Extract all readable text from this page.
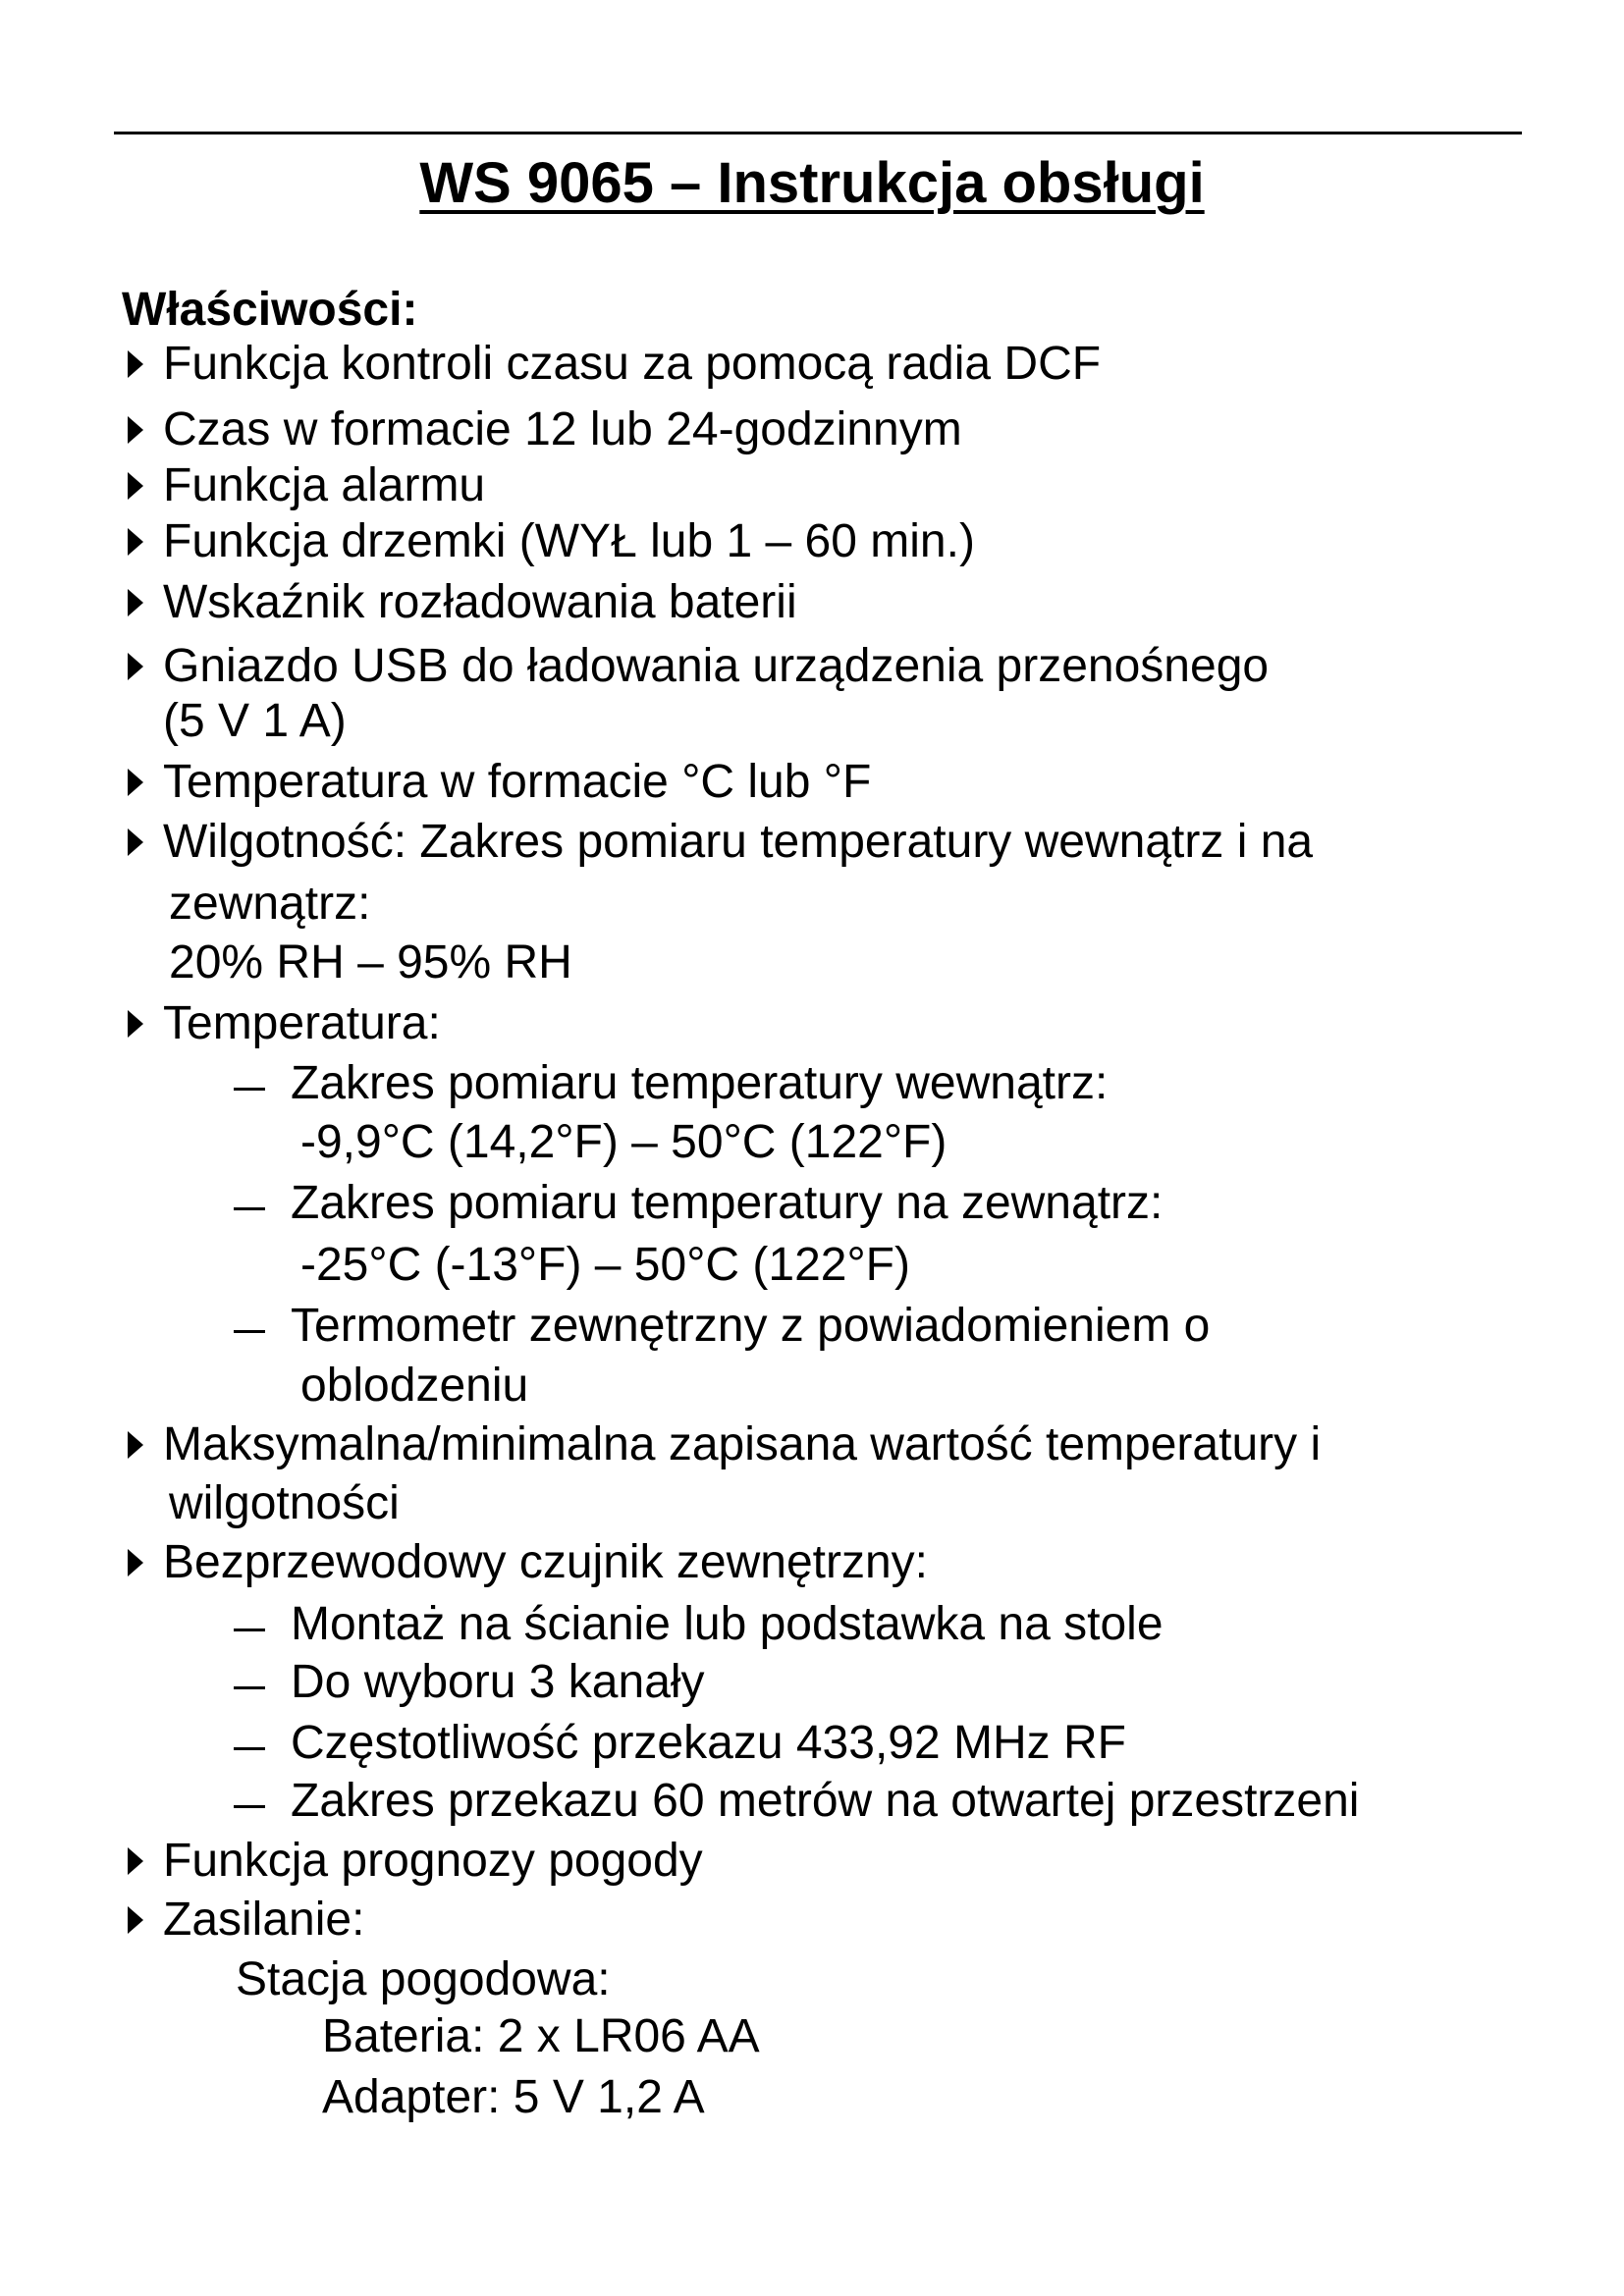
WS 9065 – Instrukcja obsługi
Właściwości:
Funkcja kontroli czasu za pomocą radia DCF
Czas w formacie 12 lub 24-godzinnym
Funkcja alarmu
Funkcja drzemki (WYŁ lub 1 – 60 min.)
Wskaźnik rozładowania baterii
Gniazdo USB do ładowania urządzenia przenośnego
(5 V 1 A)
Temperatura w formacie °C lub °F
Wilgotność: Zakres pomiaru temperatury wewnątrz i na
zewnątrz:
20% RH – 95% RH
Temperatura:
Zakres pomiaru temperatury wewnątrz:
-9,9°C (14,2°F) – 50°C (122°F)
Zakres pomiaru temperatury na zewnątrz:
-25°C (-13°F) – 50°C (122°F)
Termometr zewnętrzny z powiadomieniem o
oblodzeniu
Maksymalna/minimalna zapisana wartość temperatury i
wilgotności
Bezprzewodowy czujnik zewnętrzny:
Montaż na ścianie lub podstawka na stole
Do wyboru 3 kanały
Częstotliwość przekazu 433,92 MHz RF
Zakres przekazu 60 metrów na otwartej przestrzeni
Funkcja prognozy pogody
Zasilanie:
Stacja pogodowa:
Bateria: 2 x LR06 AA
Adapter: 5 V 1,2 A
